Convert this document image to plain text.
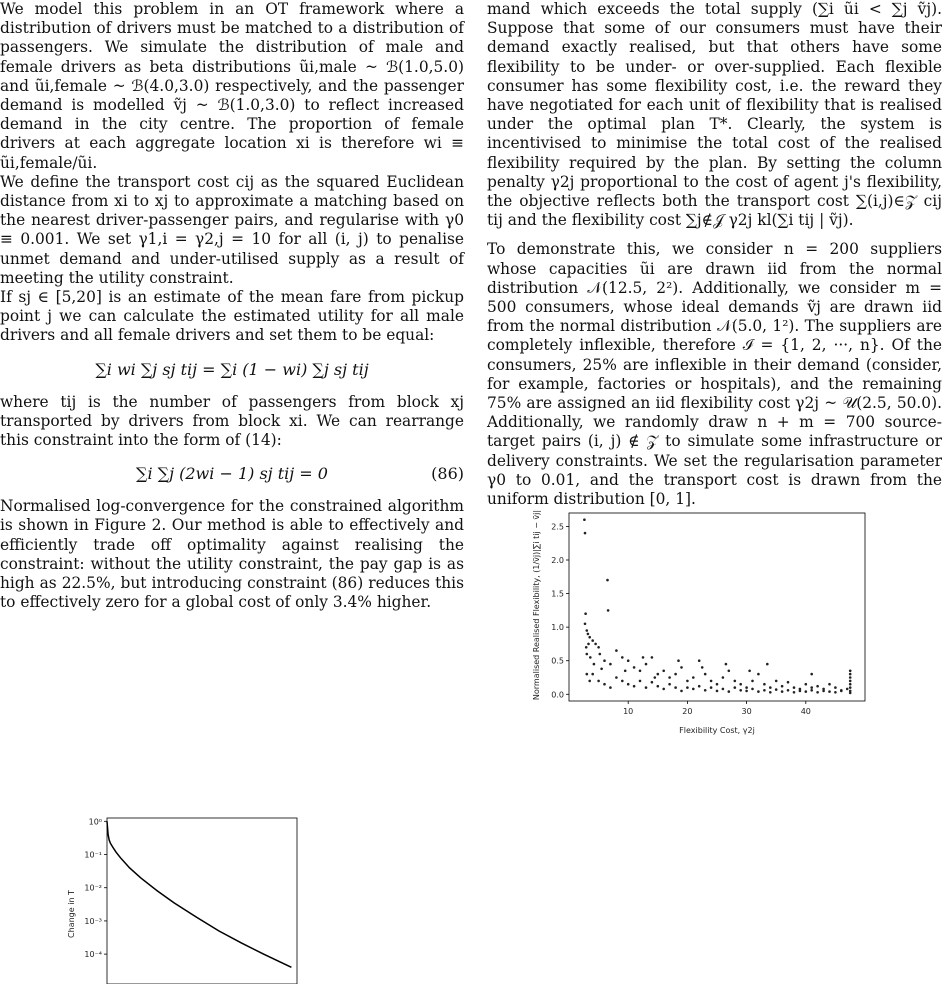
We model this problem in an OT framework where a distribution of drivers must be matched to a distribution of passengers. We simulate the distribution of male and female drivers as beta distributions ũi,male ~ ℬ(1.0,5.0) and ũi,female ~ ℬ(4.0,3.0) respectively, and the passenger demand is modelled ṽj ~ ℬ(1.0,3.0) to reflect increased demand in the city centre. The proportion of female drivers at each aggregate location xi is therefore wi ≡ ũi,female/ũi.

We define the transport cost cij as the squared Euclidean distance from xi to xj to approximate a matching based on the nearest driver-passenger pairs, and regularise with γ0 ≡ 0.001. We set γ1,i = γ2,j = 10 for all (i, j) to penalise unmet demand and under-utilised supply as a result of meeting the utility constraint.

If sj ∈ [5,20] is an estimate of the mean fare from pickup point j we can calculate the estimated utility for all male drivers and all female drivers and set them to be equal:

∑i wi ∑j sj tij = ∑i (1 − wi) ∑j sj tij

where tij is the number of passengers from block xj transported by drivers from block xi. We can rearrange this constraint into the form of (14):

∑i ∑j (2wi − 1) sj tij = 0	(86)

Normalised log-convergence for the constrained algorithm is shown in Figure 2. Our method is able to effectively and efficiently trade off optimality against realising the constraint: without the utility constraint, the pay gap is as high as 22.5%, but introducing constraint (86) reduces this to effectively zero for a global cost of only 3.4% higher.

Change in T
10⁰
10⁻¹
10⁻²
10⁻³
10⁻⁴

mand which exceeds the total supply (∑i ũi < ∑j ṽj). Suppose that some of our consumers must have their demand exactly realised, but that others have some flexibility to be under- or over-supplied. Each flexible consumer has some flexibility cost, i.e. the reward they have negotiated for each unit of flexibility that is realised under the optimal plan T*. Clearly, the system is incentivised to minimise the total cost of the realised flexibility required by the plan. By setting the column penalty γ2j proportional to the cost of agent j's flexibility, the objective reflects both the transport cost ∑(i,j)∈𝒵 cij tij and the flexibility cost ∑j∉𝒥 γ2j kl(∑i tij | ṽj).

To demonstrate this, we consider n = 200 suppliers whose capacities ũi are drawn iid from the normal distribution 𝒩(12.5, 2²). Additionally, we consider m = 500 consumers, whose ideal demands ṽj are drawn iid from the normal distribution 𝒩(5.0, 1²). The suppliers are completely inflexible, therefore ℐ = {1, 2, ···, n}. Of the consumers, 25% are inflexible in their demand (consider, for example, factories or hospitals), and the remaining 75% are assigned an iid flexibility cost γ2j ~ 𝒰(2.5, 50.0). Additionally, we randomly draw n + m = 700 source-target pairs (i, j) ∉ 𝒵 to simulate some infrastructure or delivery constraints. We set the regularisation parameter γ0 to 0.01, and the transport cost is drawn from the uniform distribution [0, 1].

Normalised Realised Flexibility, (1/ṽj)|∑i tij − ṽj|
Flexibility Cost, γ2j
10	20	30	40
0.0
0.5
1.0
1.5
2.0
2.5
